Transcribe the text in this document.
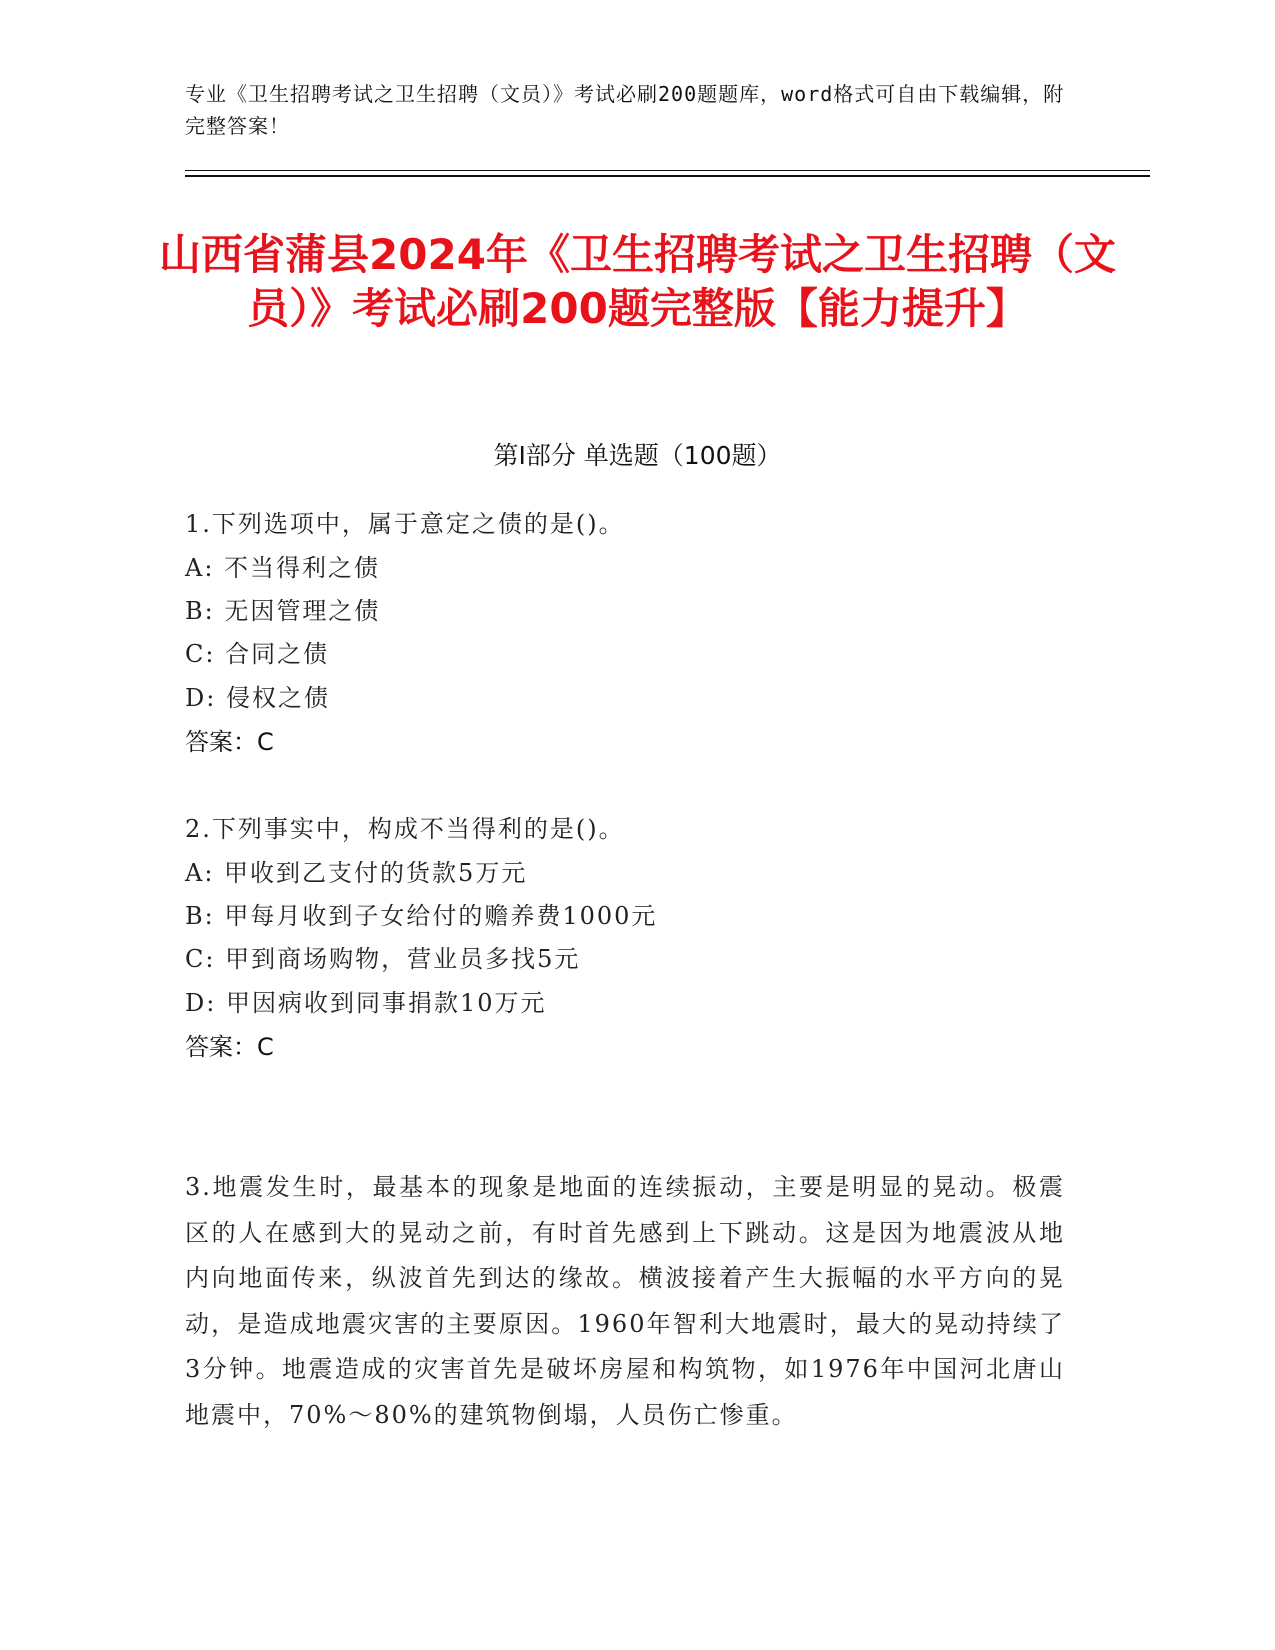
专业《卫生招聘考试之卫生招聘（文员）》考试必刷200题题库，word格式可自由下载编辑，附完整答案！
山西省蒲县2024年《卫生招聘考试之卫生招聘（文员）》考试必刷200题完整版【能力提升】
第I部分 单选题（100题）
1.下列选项中，属于意定之债的是()。
A: 不当得利之债
B: 无因管理之债
C: 合同之债
D: 侵权之债
答案：C
2.下列事实中，构成不当得利的是()。
A: 甲收到乙支付的货款5万元
B: 甲每月收到子女给付的赡养费1000元
C: 甲到商场购物，营业员多找5元
D: 甲因病收到同事捐款10万元
答案：C
3.地震发生时，最基本的现象是地面的连续振动，主要是明显的晃动。极震区的人在感到大的晃动之前，有时首先感到上下跳动。这是因为地震波从地内向地面传来，纵波首先到达的缘故。横波接着产生大振幅的水平方向的晃动，是造成地震灾害的主要原因。1960年智利大地震时，最大的晃动持续了3分钟。地震造成的灾害首先是破坏房屋和构筑物，如1976年中国河北唐山地震中，70%～80%的建筑物倒塌，人员伤亡惨重。
